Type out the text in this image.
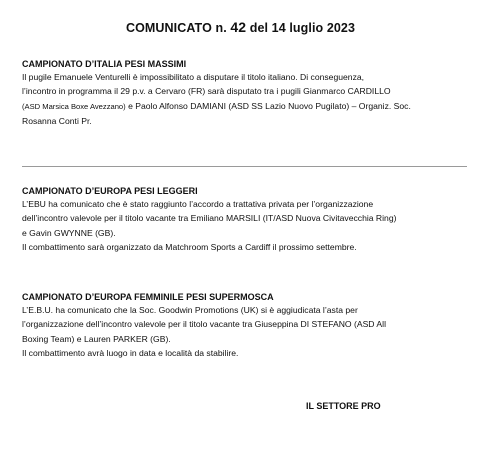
COMUNICATO n. 42 del 14 luglio 2023

CAMPIONATO D’ITALIA PESI MASSIMI

Il pugile Emanuele Venturelli è impossibilitato a disputare il titolo italiano. Di conseguenza,

l’incontro in programma il 29 p.v. a Cervaro (FR) sarà disputato tra i pugili Gianmarco CARDILLO

(ASD Marsica Boxe Avezzano) e Paolo Alfonso DAMIANI (ASD SS Lazio Nuovo Pugilato) – Organiz. Soc.

Rosanna Conti Pr.

CAMPIONATO D’EUROPA PESI LEGGERI

L’EBU ha comunicato che è stato raggiunto l’accordo a trattativa privata per l’organizzazione

dell’incontro valevole per il titolo vacante tra Emiliano MARSILI (IT/ASD Nuova Civitavecchia Ring)

e Gavin GWYNNE (GB).

Il combattimento sarà organizzato da Matchroom Sports a Cardiff il prossimo settembre.

CAMPIONATO D’EUROPA FEMMINILE PESI SUPERMOSCA

L’E.B.U. ha comunicato che la Soc. Goodwin Promotions (UK) si è aggiudicata l’asta per

l’organizzazione dell’incontro valevole per il titolo vacante tra Giuseppina DI STEFANO (ASD All

Boxing Team) e Lauren PARKER (GB).

Il combattimento avrà luogo in data e località da stabilire.

IL SETTORE PRO
